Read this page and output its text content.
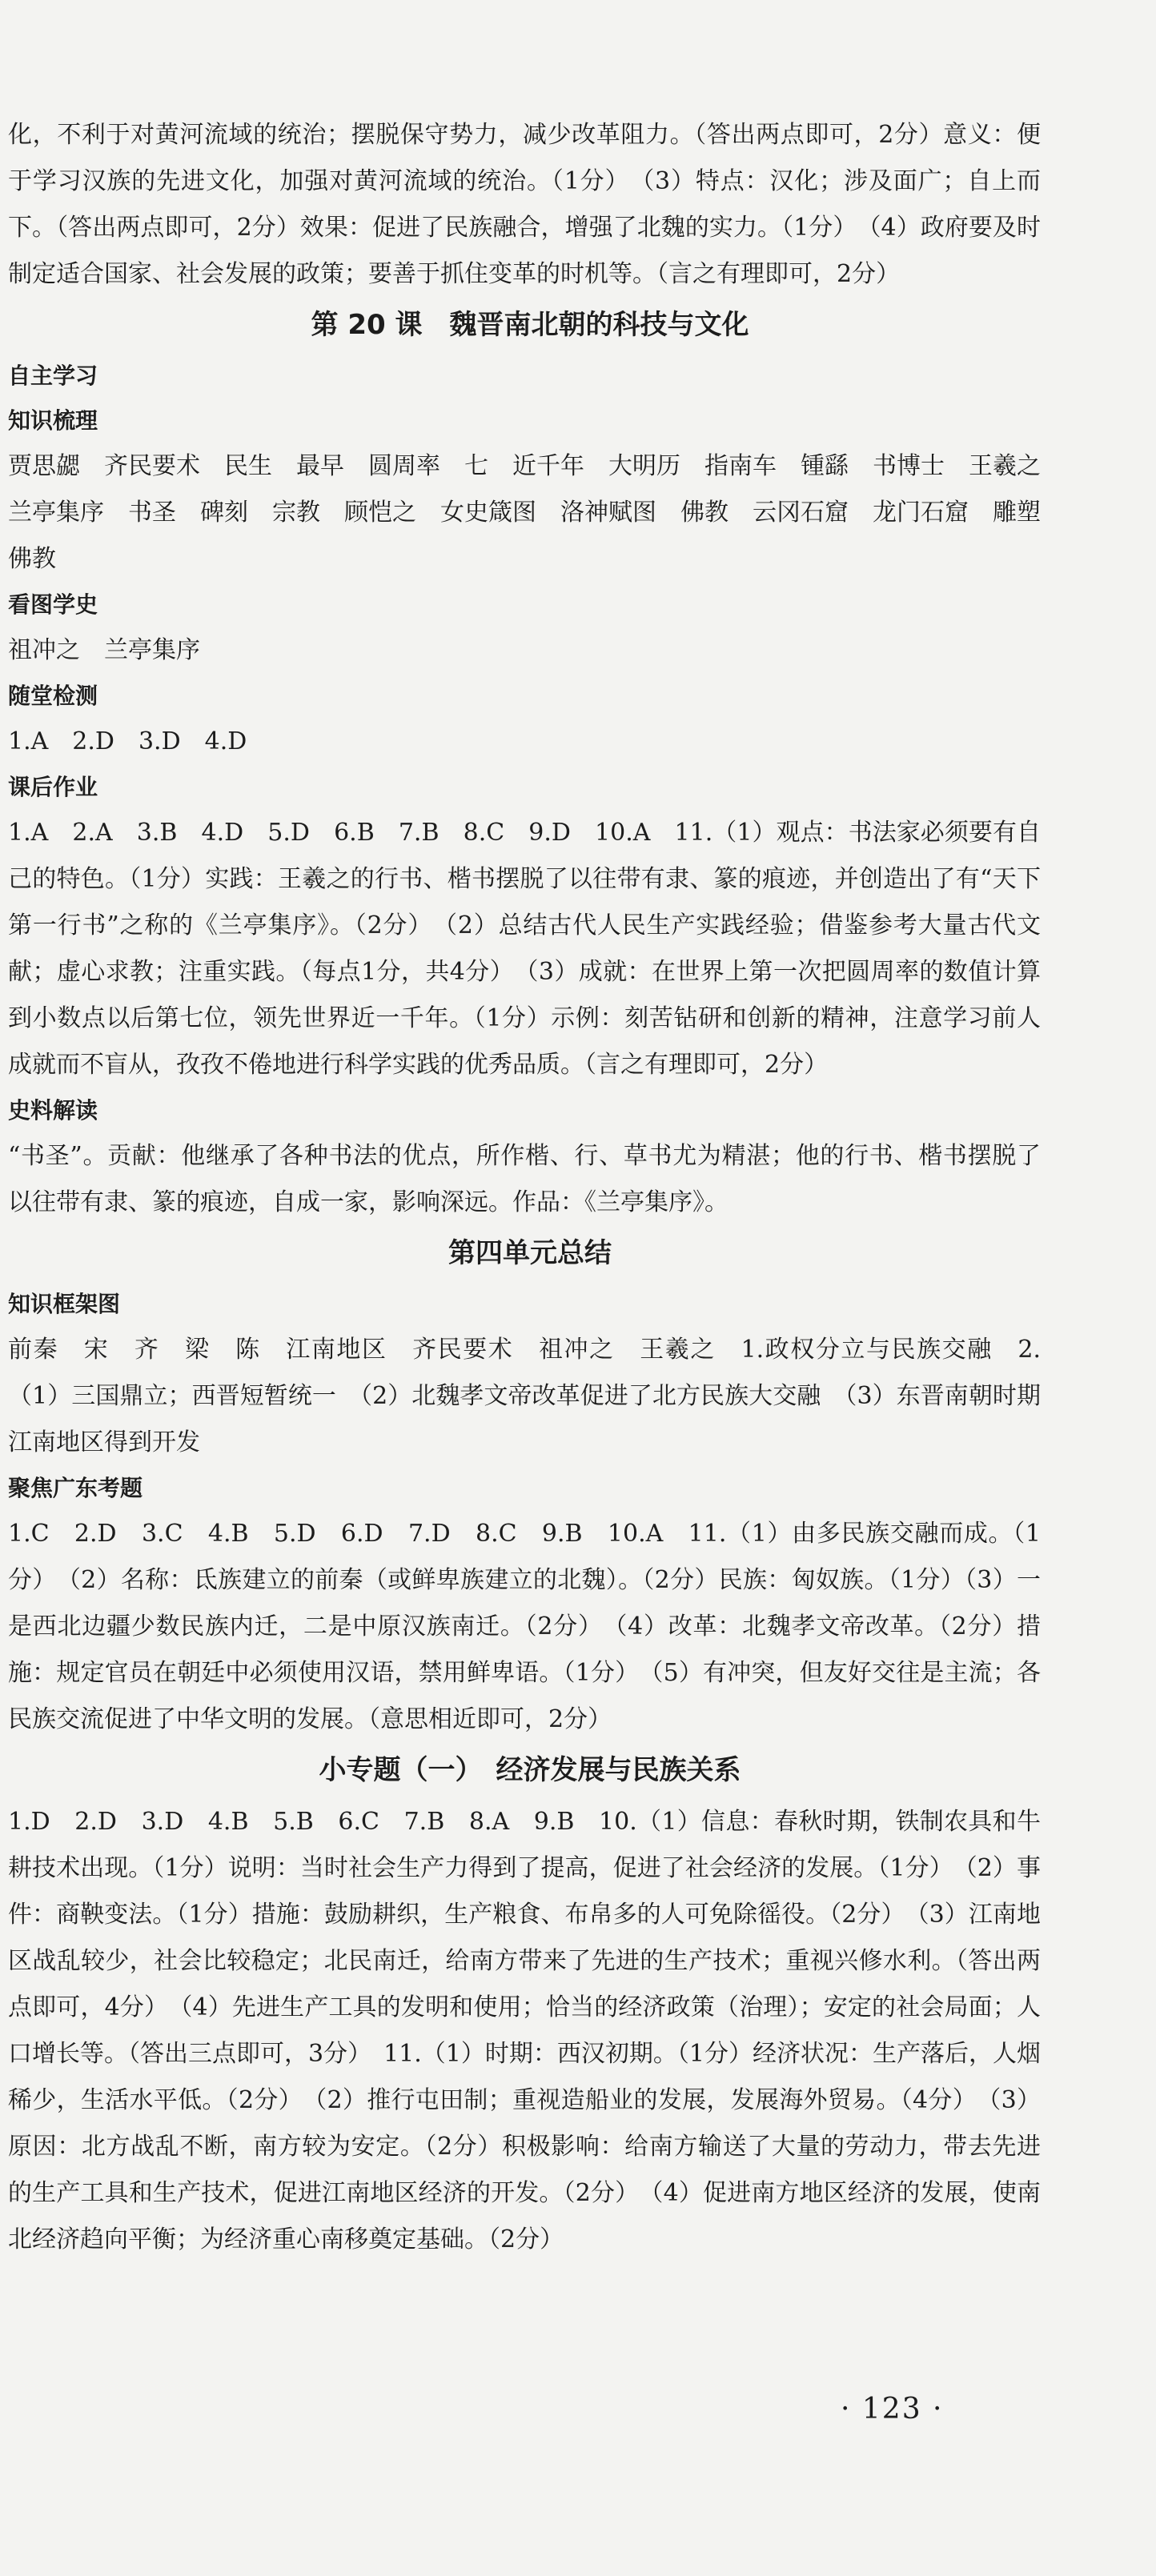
化，不利于对黄河流域的统治；摆脱保守势力，减少改革阻力。（答出两点即可，2分）意义：便于学习汉族的先进文化，加强对黄河流域的统治。（1分）　（3）特点：汉化；涉及面广；自上而下。（答出两点即可，2分）效果：促进了民族融合，增强了北魏的实力。（1分）　（4）政府要及时制定适合国家、社会发展的政策；要善于抓住变革的时机等。（言之有理即可，2分）

第 20 课　魏晋南北朝的科技与文化
自主学习
知识梳理

贾思勰　齐民要术　民生　最早　圆周率　七　近千年　大明历　指南车　锺繇　书博士　王羲之　兰亭集序　书圣　碑刻　宗教　顾恺之　女史箴图　洛神赋图　佛教　云冈石窟　龙门石窟　雕塑　佛教

看图学史

祖冲之　兰亭集序

随堂检测

1.A　2.D　3.D　4.D

课后作业

1.A　2.A　3.B　4.D　5.D　6.B　7.B　8.C　9.D　10.A　11.（1）观点：书法家必须要有自己的特色。（1分）实践：王羲之的行书、楷书摆脱了以往带有隶、篆的痕迹，并创造出了有“天下第一行书”之称的《兰亭集序》。（2分）　（2）总结古代人民生产实践经验；借鉴参考大量古代文献；虚心求教；注重实践。（每点1分，共4分）　（3）成就：在世界上第一次把圆周率的数值计算到小数点以后第七位，领先世界近一千年。（1分）示例：刻苦钻研和创新的精神，注意学习前人成就而不盲从，孜孜不倦地进行科学实践的优秀品质。（言之有理即可，2分）

史料解读

“书圣”。贡献：他继承了各种书法的优点，所作楷、行、草书尤为精湛；他的行书、楷书摆脱了以往带有隶、篆的痕迹，自成一家，影响深远。作品：《兰亭集序》。

第四单元总结
知识框架图

前秦　宋　齐　梁　陈　江南地区　齐民要术　祖冲之　王羲之　1.政权分立与民族交融　2.（1）三国鼎立；西晋短暂统一　（2）北魏孝文帝改革促进了北方民族大交融　（3）东晋南朝时期江南地区得到开发

聚焦广东考题

1.C　2.D　3.C　4.B　5.D　6.D　7.D　8.C　9.B　10.A　11.（1）由多民族交融而成。（1分）　（2）名称：氐族建立的前秦（或鲜卑族建立的北魏）。（2分）民族：匈奴族。（1分）（3）一是西北边疆少数民族内迁，二是中原汉族南迁。（2分）　（4）改革：北魏孝文帝改革。（2分）措施：规定官员在朝廷中必须使用汉语，禁用鲜卑语。（1分）　（5）有冲突，但友好交往是主流；各民族交流促进了中华文明的发展。（意思相近即可，2分）

小专题（一）　经济发展与民族关系

1.D　2.D　3.D　4.B　5.B　6.C　7.B　8.A　9.B　10.（1）信息：春秋时期，铁制农具和牛耕技术出现。（1分）说明：当时社会生产力得到了提高，促进了社会经济的发展。（1分）　（2）事件：商鞅变法。（1分）措施：鼓励耕织，生产粮食、布帛多的人可免除徭役。（2分）　（3）江南地区战乱较少，社会比较稳定；北民南迁，给南方带来了先进的生产技术；重视兴修水利。（答出两点即可，4分）　（4）先进生产工具的发明和使用；恰当的经济政策（治理）；安定的社会局面；人口增长等。（答出三点即可，3分）　11.（1）时期：西汉初期。（1分）经济状况：生产落后，人烟稀少，生活水平低。（2分）　（2）推行屯田制；重视造船业的发展，发展海外贸易。（4分）　（3）原因：北方战乱不断，南方较为安定。（2分）积极影响：给南方输送了大量的劳动力，带去先进的生产工具和生产技术，促进江南地区经济的开发。（2分）　（4）促进南方地区经济的发展，使南北经济趋向平衡；为经济重心南移奠定基础。（2分）

· 123 ·
